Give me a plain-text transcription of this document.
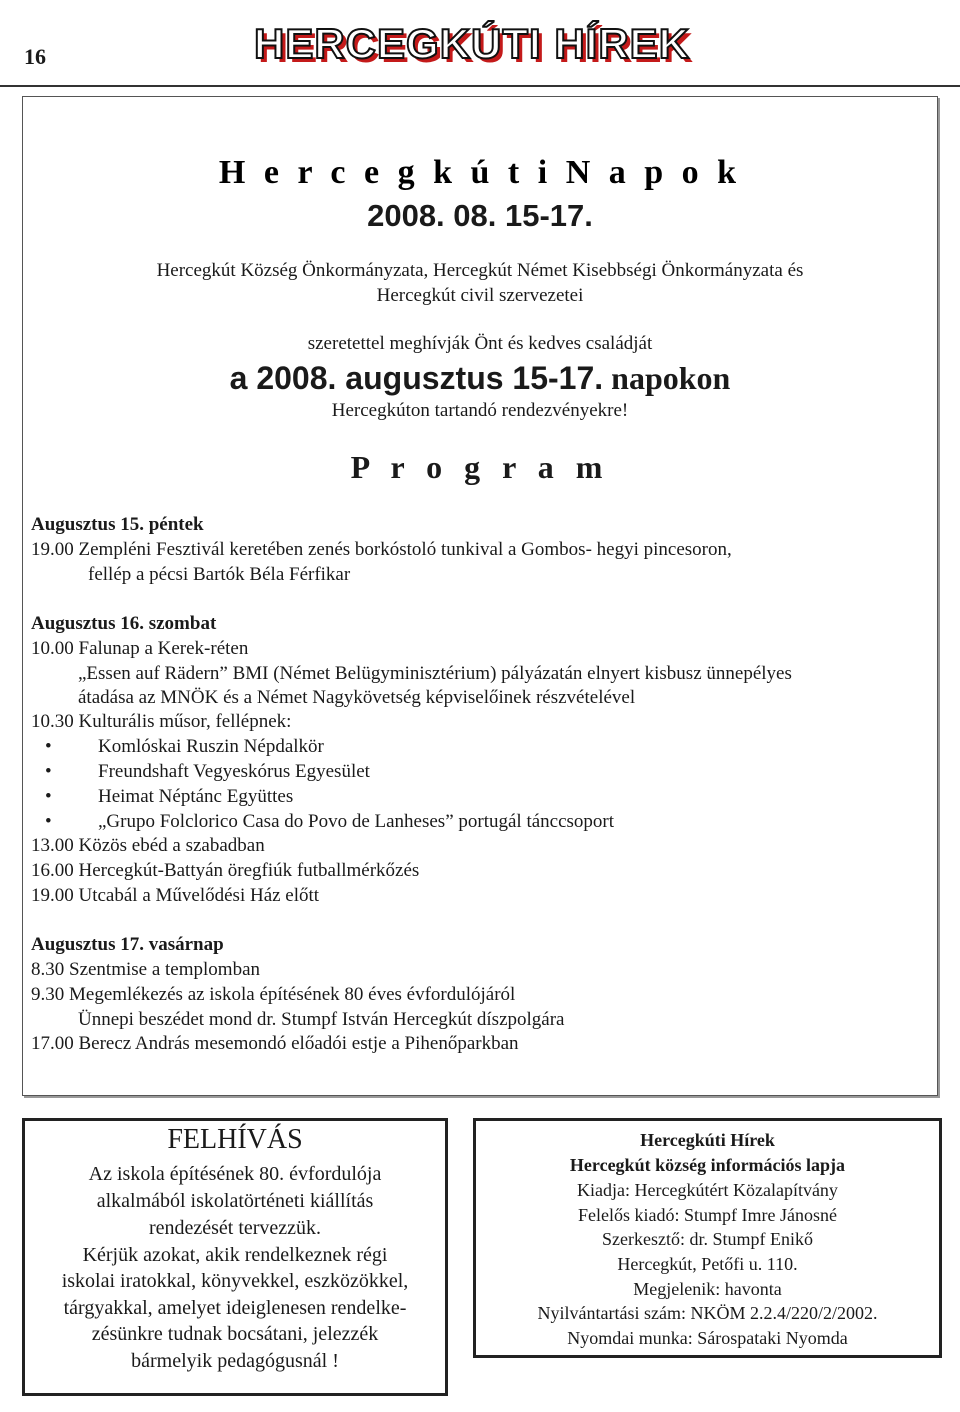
16	HERCEGKÚTI HÍREK
H e r c e g k ú t i N a p o k
2008. 08. 15-17.
Hercegkút Község Önkormányzata, Hercegkút Német Kisebbségi Önkormányzata és
Hercegkút civil szervezetei
szeretettel meghívják Önt és kedves családját
a 2008. augusztus 15-17. napokon
Hercegkúton tartandó rendezvényekre!
P r o g r a m
Augusztus 15. péntek
19.00 Zempléni Fesztivál keretében zenés borkóstoló tunkival a Gombos- hegyi pincesoron,
fellép a pécsi Bartók Béla Férfikar
Augusztus 16. szombat
10.00 Falunap a Kerek-réten
„Essen auf Rädern” BMI (Német Belügyminisztérium) pályázatán elnyert kisbusz ünnepélyes
átadása az MNÖK és a Német Nagykövetség képviselőinek részvételével
10.30 Kulturális műsor, fellépnek:
• Komlóskai Ruszin Népdalkör
• Freundshaft Vegyeskórus Egyesület
• Heimat Néptánc Együttes
• „Grupo Folclorico Casa do Povo de Lanheses” portugál tánccsoport
13.00 Közös ebéd a szabadban
16.00 Hercegkút-Battyán öregfiúk futballmérkőzés
19.00 Utcabál a Művelődési Ház előtt
Augusztus 17. vasárnap
8.30 Szentmise a templomban
9.30 Megemlékezés az iskola építésének 80 éves évfordulójáról
Ünnepi beszédet mond dr. Stumpf István Hercegkút díszpolgára
17.00 Berecz András mesemondó előadói estje a Pihenőparkban
FELHÍVÁS
Az iskola építésének 80. évfordulója
alkalmából iskolatörténeti kiállítás
rendezését tervezzük.
Kérjük azokat, akik rendelkeznek régi
iskolai iratokkal, könyvekkel, eszközökkel,
tárgyakkal, amelyet ideiglenesen rendelke-
zésünkre tudnak bocsátani, jelezzék
bármelyik pedagógusnál !
Hercegkúti Hírek
Hercegkút község információs lapja
Kiadja: Hercegkútért Közalapítvány
Felelős kiadó: Stumpf Imre Jánosné
Szerkesztő: dr. Stumpf Enikő
Hercegkút, Petőfi u. 110.
Megjelenik: havonta
Nyilvántartási szám: NKÖM 2.2.4/220/2/2002.
Nyomdai munka: Sárospataki Nyomda
